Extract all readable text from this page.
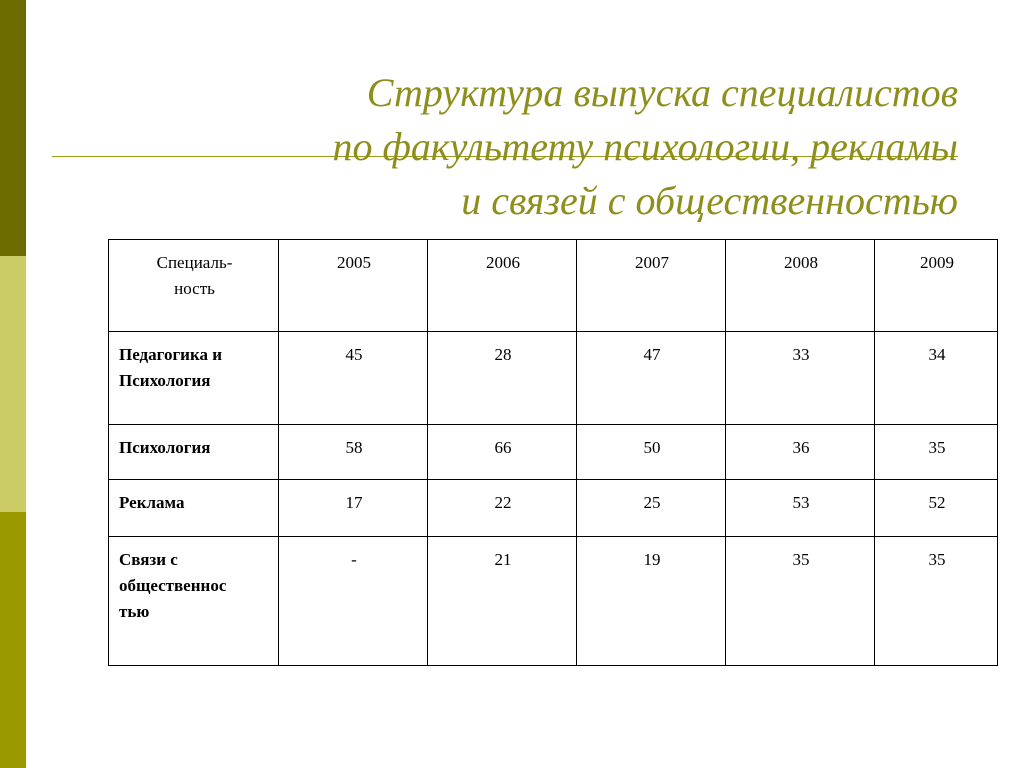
Структура выпуска специалистов
по факультету психологии, рекламы
и связей с общественностью
Специаль-
ность	2005	2006	2007	2008	2009
Педагогика и
Психология	45	28	47	33	34
Психология	58	66	50	36	35
Реклама	17	22	25	53	52
Связи с
общественнос
тью	-	21	19	35	35
